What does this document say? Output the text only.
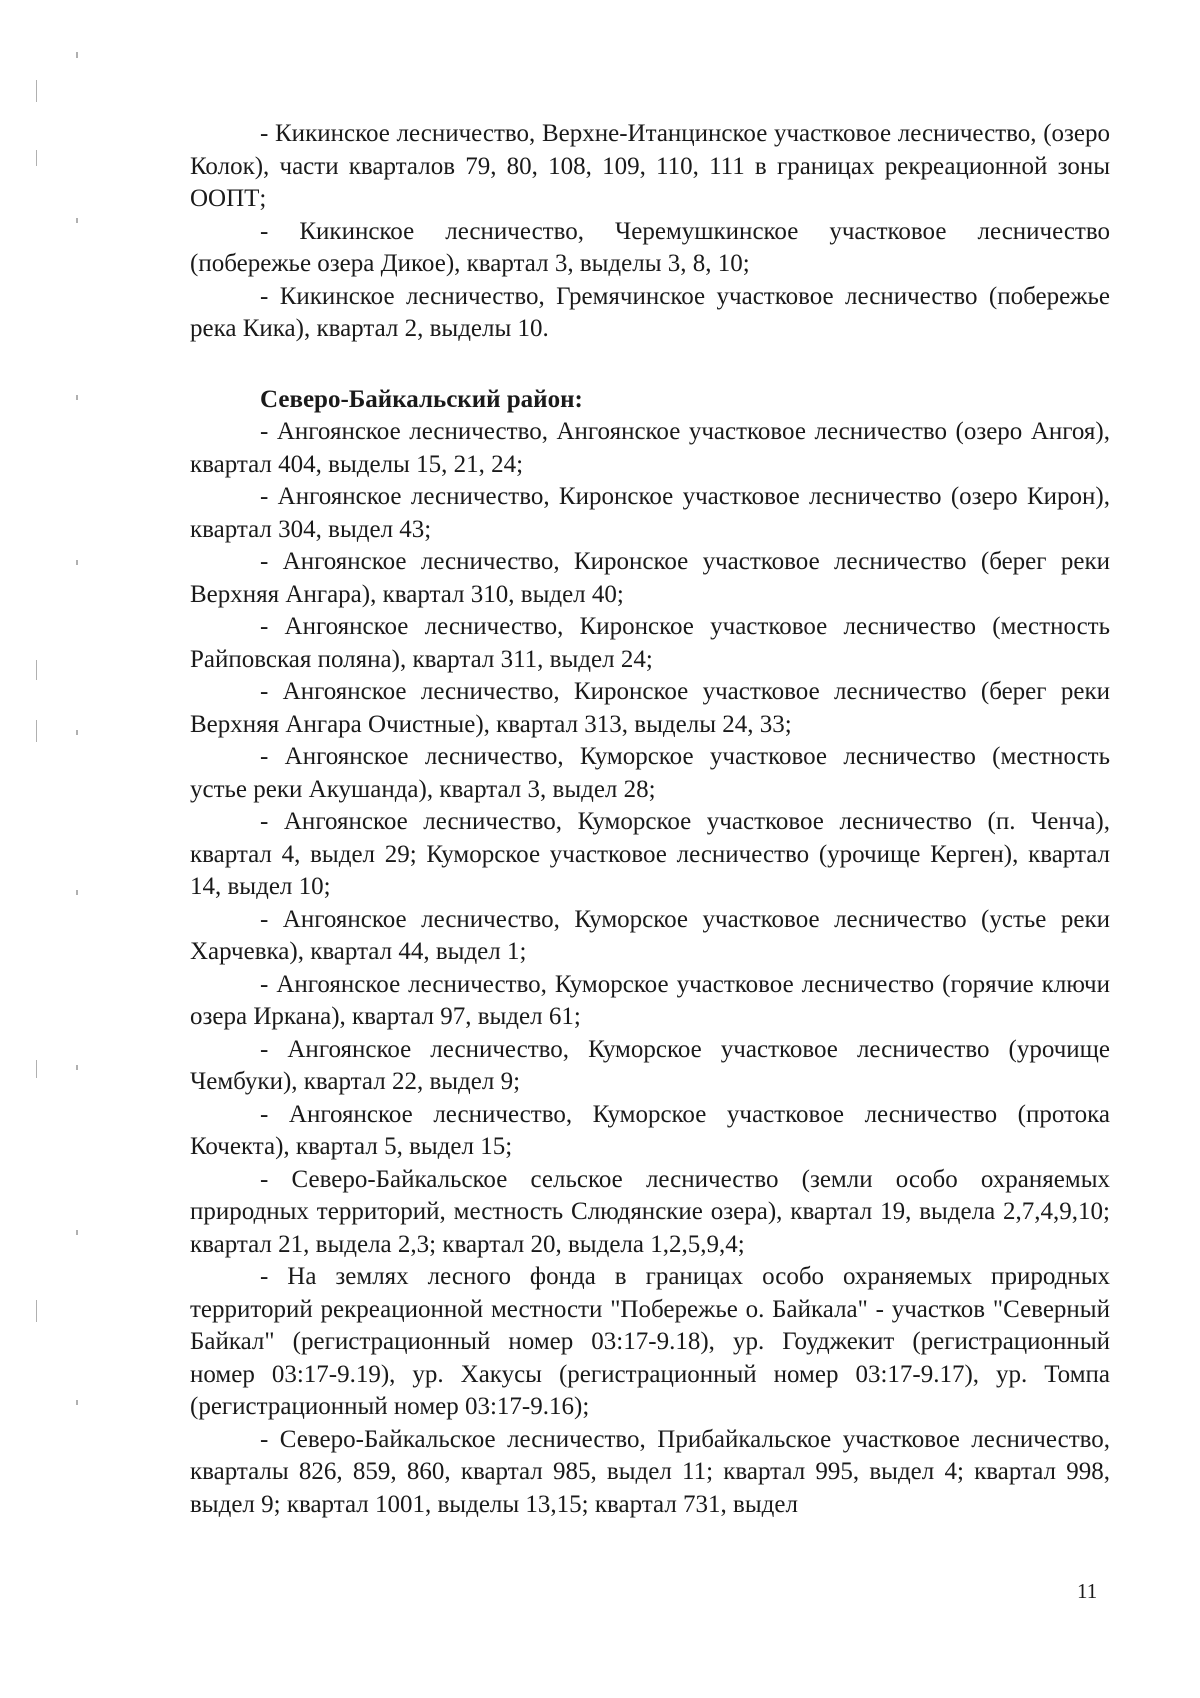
- Кикинское лесничество, Верхне-Итанцинское участковое лесничество, (озеро Колок), части кварталов 79, 80, 108, 109, 110, 111 в границах рекреационной зоны ООПТ;

- Кикинское лесничество, Черемушкинское участковое лесничество (побережье озера Дикое), квартал 3, выделы 3, 8, 10;

- Кикинское лесничество, Гремячинское участковое лесничество (побережье река Кика), квартал 2, выделы 10.

Северо-Байкальский район:

- Ангоянское лесничество, Ангоянское участковое лесничество (озеро Ангоя), квартал 404, выделы 15, 21, 24;

- Ангоянское лесничество, Киронское участковое лесничество (озеро Кирон), квартал 304, выдел 43;

- Ангоянское лесничество, Киронское участковое лесничество (берег реки Верхняя Ангара), квартал 310, выдел 40;

- Ангоянское лесничество, Киронское участковое лесничество (местность Райповская поляна), квартал 311, выдел 24;

- Ангоянское лесничество, Киронское участковое лесничество (берег реки Верхняя Ангара Очистные), квартал 313, выделы 24, 33;

- Ангоянское лесничество, Куморское участковое лесничество (местность устье реки Акушанда), квартал 3, выдел 28;

- Ангоянское лесничество, Куморское участковое лесничество (п. Ченча), квартал 4, выдел 29; Куморское участковое лесничество (урочище Керген), квартал 14, выдел 10;

- Ангоянское лесничество, Куморское участковое лесничество (устье реки Харчевка), квартал 44, выдел 1;

- Ангоянское лесничество, Куморское участковое лесничество (горячие ключи озера Иркана), квартал 97, выдел 61;

- Ангоянское лесничество, Куморское участковое лесничество (урочище Чембуки), квартал 22, выдел 9;

- Ангоянское лесничество, Куморское участковое лесничество (протока Кочекта), квартал 5, выдел 15;

- Северо-Байкальское сельское лесничество (земли особо охраняемых природных территорий, местность Слюдянские озера), квартал 19, выдела 2,7,4,9,10; квартал 21, выдела 2,3; квартал 20, выдела 1,2,5,9,4;

- На землях лесного фонда в границах особо охраняемых природных территорий рекреационной местности "Побережье о. Байкала" - участков "Северный Байкал" (регистрационный номер 03:17-9.18), ур. Гоуджекит (регистрационный номер 03:17-9.19), ур. Хакусы (регистрационный номер 03:17-9.17), ур. Томпа (регистрационный номер 03:17-9.16);

- Северо-Байкальское лесничество, Прибайкальское участковое лесничество, кварталы 826, 859, 860, квартал 985, выдел 11; квартал 995, выдел 4; квартал 998, выдел 9; квартал 1001, выделы 13,15; квартал 731, выдел

11
